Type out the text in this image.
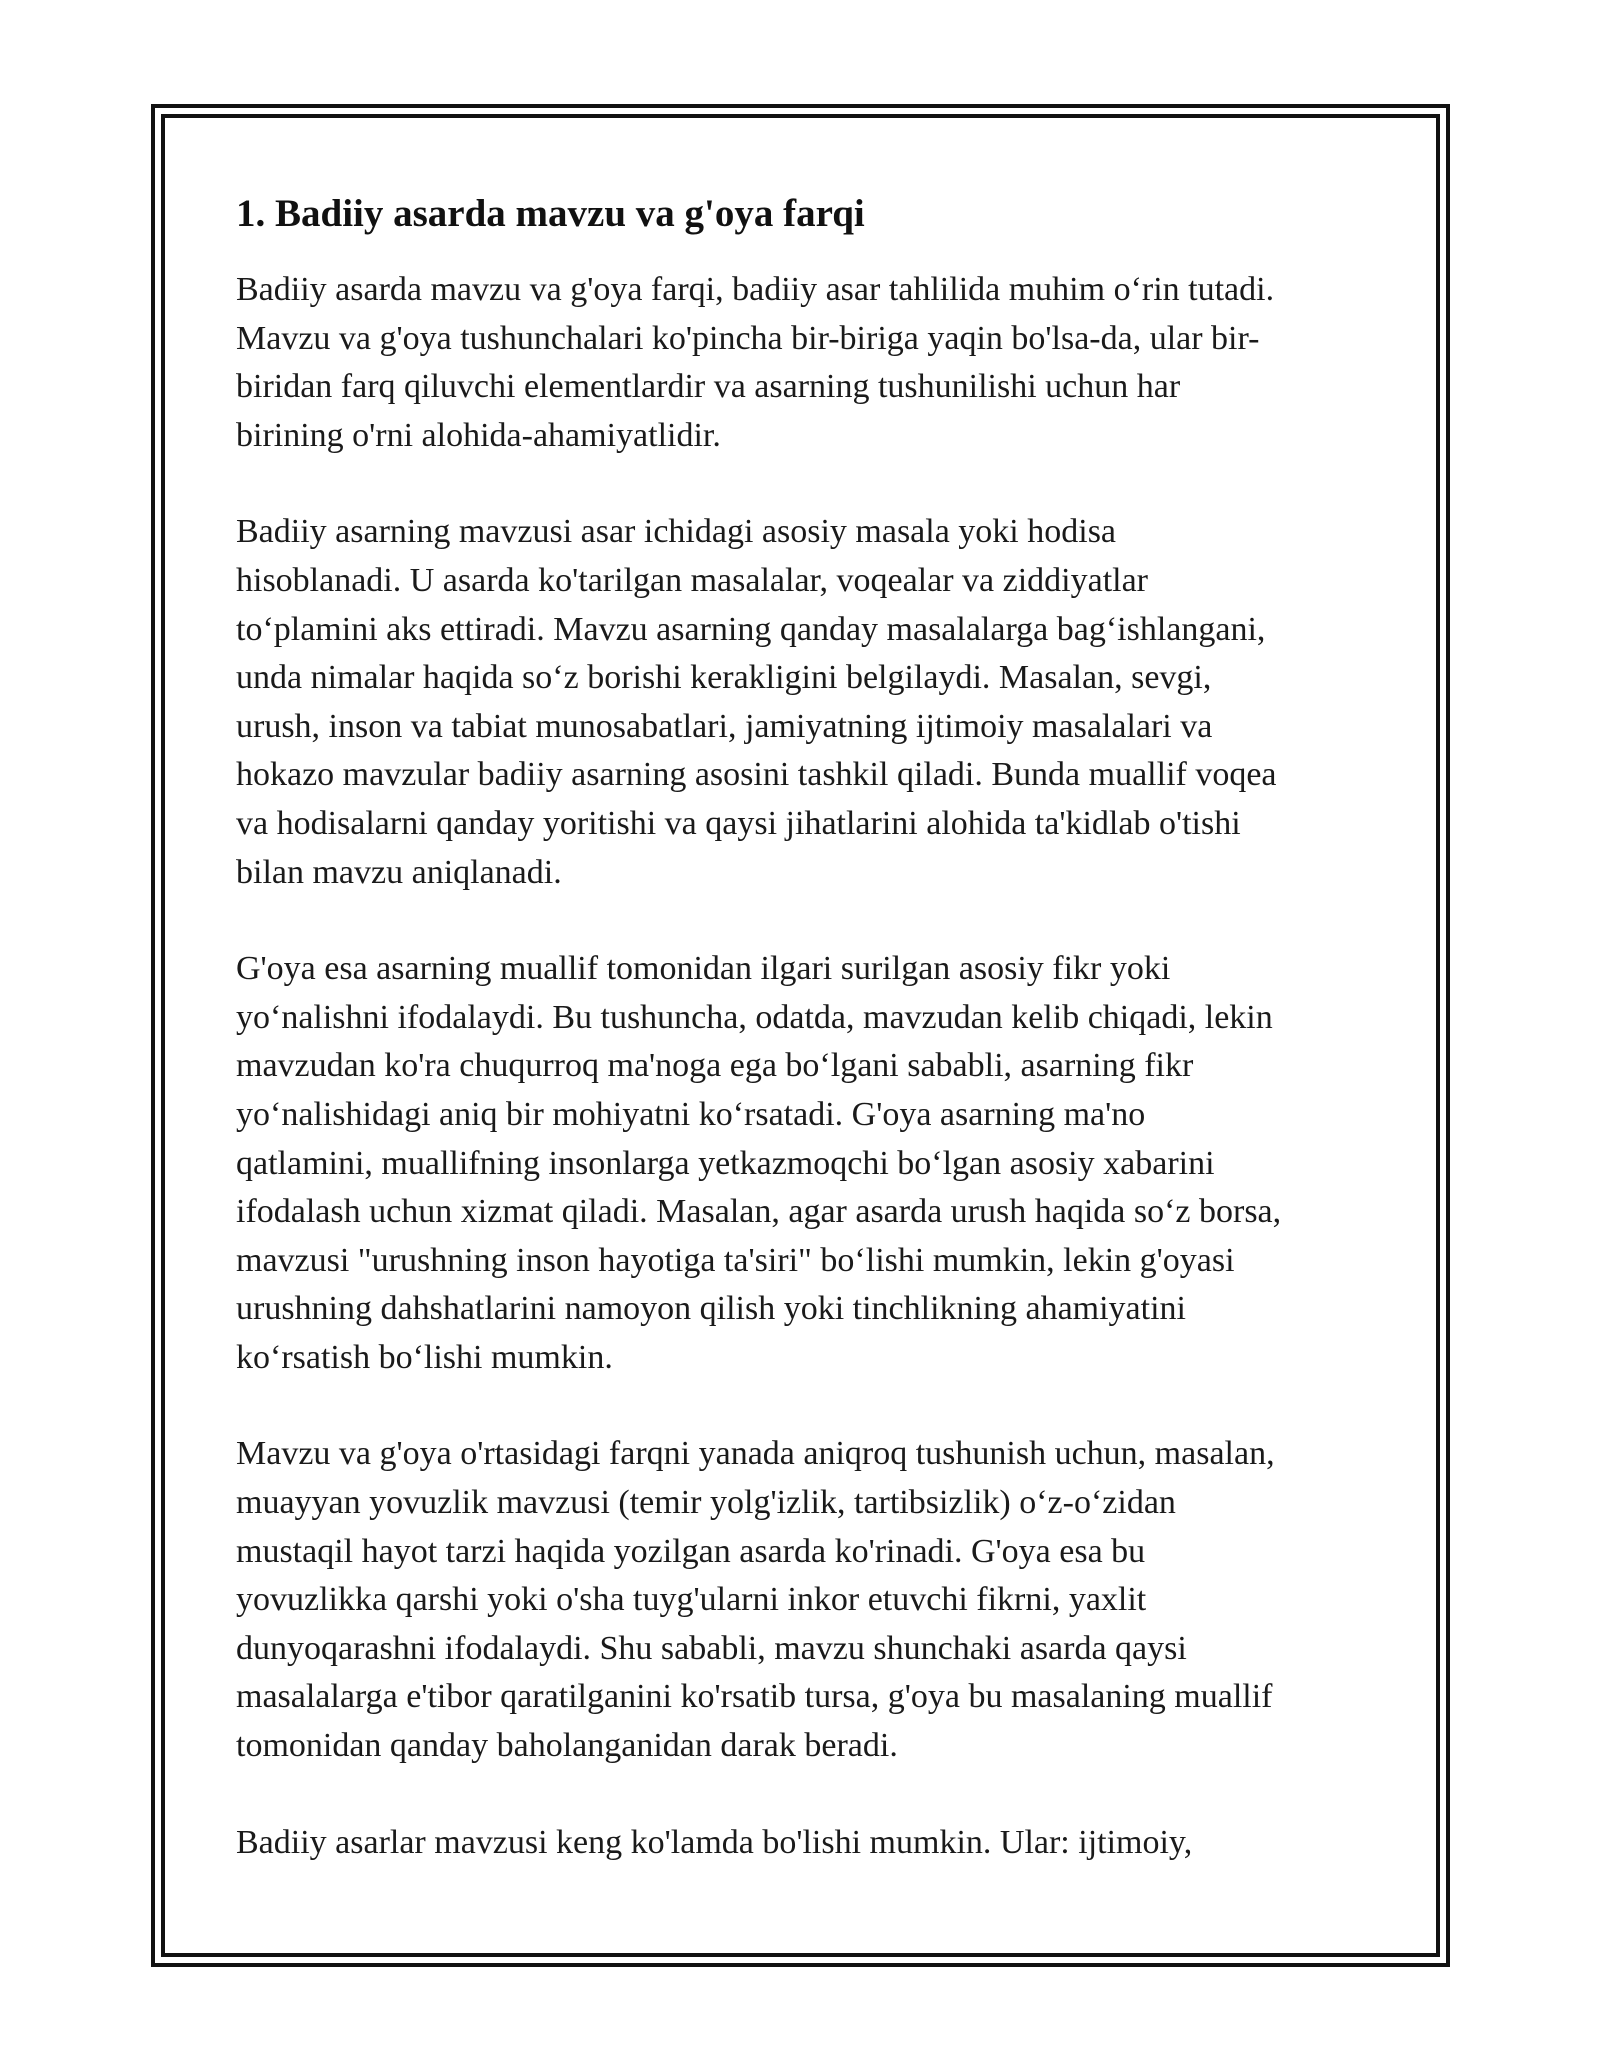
1. Badiiy asarda mavzu va g'oya farqi

Badiiy asarda mavzu va g'oya farqi, badiiy asar tahlilida muhim o‘rin tutadi.
Mavzu va g'oya tushunchalari ko'pincha bir-biriga yaqin bo'lsa-da, ular bir-
biridan farq qiluvchi elementlardir va asarning tushunilishi uchun har
birining o'rni alohida-ahamiyatlidir.

Badiiy asarning mavzusi asar ichidagi asosiy masala yoki hodisa
hisoblanadi. U asarda ko'tarilgan masalalar, voqealar va ziddiyatlar
to‘plamini aks ettiradi. Mavzu asarning qanday masalalarga bag‘ishlangani,
unda nimalar haqida so‘z borishi kerakligini belgilaydi. Masalan, sevgi,
urush, inson va tabiat munosabatlari, jamiyatning ijtimoiy masalalari va
hokazo mavzular badiiy asarning asosini tashkil qiladi. Bunda muallif voqea
va hodisalarni qanday yoritishi va qaysi jihatlarini alohida ta'kidlab o'tishi
bilan mavzu aniqlanadi.

G'oya esa asarning muallif tomonidan ilgari surilgan asosiy fikr yoki
yo‘nalishni ifodalaydi. Bu tushuncha, odatda, mavzudan kelib chiqadi, lekin
mavzudan ko'ra chuqurroq ma'noga ega bo‘lgani sababli, asarning fikr
yo‘nalishidagi aniq bir mohiyatni ko‘rsatadi. G'oya asarning ma'no
qatlamini, muallifning insonlarga yetkazmoqchi bo‘lgan asosiy xabarini
ifodalash uchun xizmat qiladi. Masalan, agar asarda urush haqida so‘z borsa,
mavzusi "urushning inson hayotiga ta'siri" bo‘lishi mumkin, lekin g'oyasi
urushning dahshatlarini namoyon qilish yoki tinchlikning ahamiyatini
ko‘rsatish bo‘lishi mumkin.

Mavzu va g'oya o'rtasidagi farqni yanada aniqroq tushunish uchun, masalan,
muayyan yovuzlik mavzusi (temir yolg'izlik, tartibsizlik) o‘z-o‘zidan
mustaqil hayot tarzi haqida yozilgan asarda ko'rinadi. G'oya esa bu
yovuzlikka qarshi yoki o'sha tuyg'ularni inkor etuvchi fikrni, yaxlit
dunyoqarashni ifodalaydi. Shu sababli, mavzu shunchaki asarda qaysi
masalalarga e'tibor qaratilganini ko'rsatib tursa, g'oya bu masalaning muallif
tomonidan qanday baholanganidan darak beradi.

Badiiy asarlar mavzusi keng ko'lamda bo'lishi mumkin. Ular: ijtimoiy,
